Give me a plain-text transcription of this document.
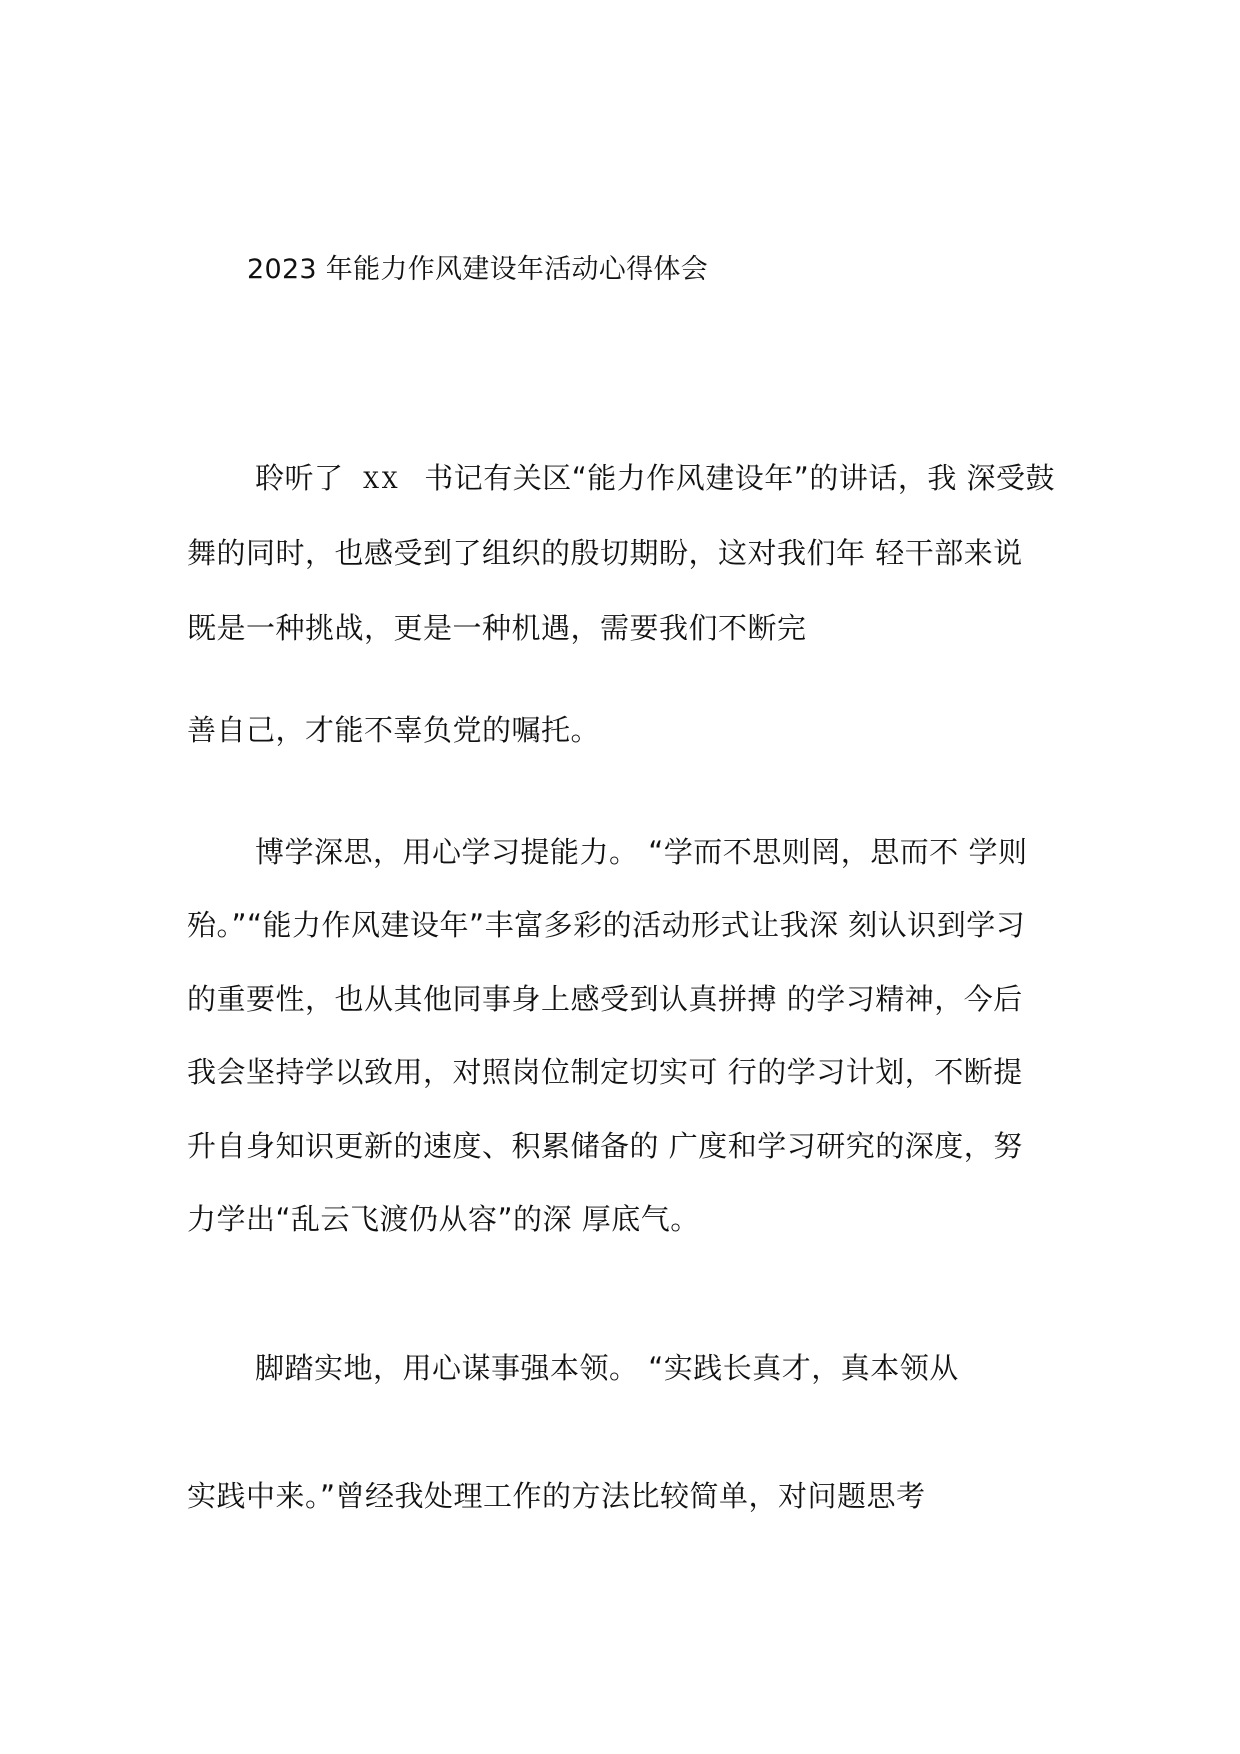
2023 年能力作风建设年活动心得体会
聆听了 XX 书记有关区“能力作风建设年”的讲话，我 深受鼓
舞的同时，也感受到了组织的殷切期盼，这对我们年 轻干部来说
既是一种挑战，更是一种机遇，需要我们不断完
善自己，才能不辜负党的嘱托。
博学深思，用心学习提能力。 “学而不思则罔，思而不 学则
殆。”“能力作风建设年”丰富多彩的活动形式让我深 刻认识到学习
的重要性，也从其他同事身上感受到认真拼搏 的学习精神，今后
我会坚持学以致用，对照岗位制定切实可 行的学习计划，不断提
升自身知识更新的速度、积累储备的 广度和学习研究的深度，努
力学出“乱云飞渡仍从容”的深 厚底气。
脚踏实地，用心谋事强本领。 “实践长真才，真本领从
实践中来。”曾经我处理工作的方法比较简单，对问题思考
